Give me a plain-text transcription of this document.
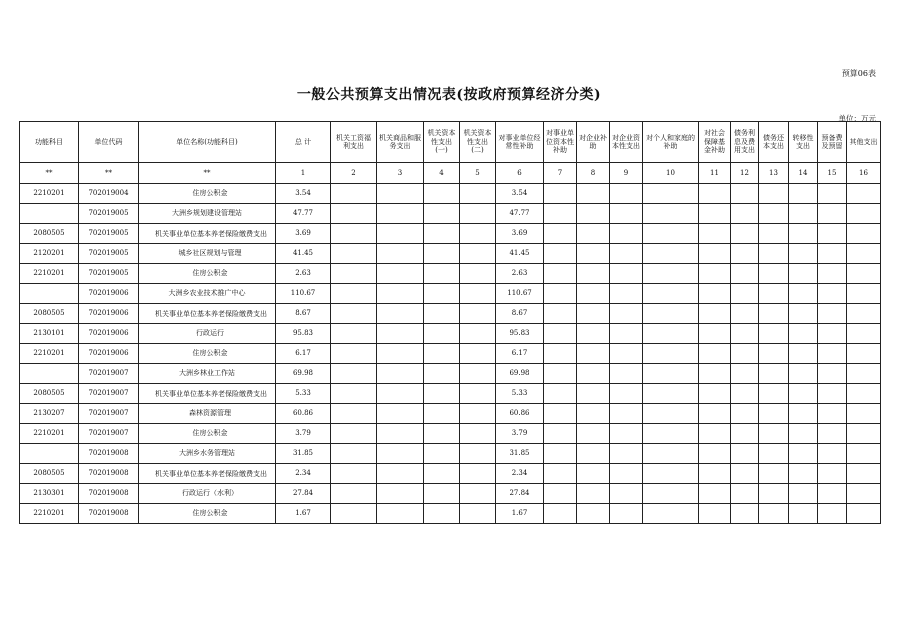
预算06表
一般公共预算支出情况表(按政府预算经济分类)
单位：万元
功能科目	单位代码	单位名称(功能科目)	总 计	机关工资福利支出	机关商品和服务支出	机关资本性支出(一)	机关资本性支出(二)	对事业单位经常性补助	对事业单位资本性补助	对企业补助	对企业资本性支出	对个人和家庭的补助	对社会保障基金补助	债务利息及费用支出	债务还本支出	转移性支出	预备费及预留	其他支出
**	**	**	1	2	3	4	5	6	7	8	9	10	11	12	13	14	15	16
2210201	702019004	住房公积金	3.54					3.54										
	702019005	大洲乡规划建设管理站	47.77					47.77										
2080505	702019005	机关事业单位基本养老保险缴费支出	3.69					3.69										
2120201	702019005	城乡社区规划与管理	41.45					41.45										
2210201	702019005	住房公积金	2.63					2.63										
	702019006	大洲乡农业技术推广中心	110.67					110.67										
2080505	702019006	机关事业单位基本养老保险缴费支出	8.67					8.67										
2130101	702019006	行政运行	95.83					95.83										
2210201	702019006	住房公积金	6.17					6.17										
	702019007	大洲乡林业工作站	69.98					69.98										
2080505	702019007	机关事业单位基本养老保险缴费支出	5.33					5.33										
2130207	702019007	森林资源管理	60.86					60.86										
2210201	702019007	住房公积金	3.79					3.79										
	702019008	大洲乡水务管理站	31.85					31.85										
2080505	702019008	机关事业单位基本养老保险缴费支出	2.34					2.34										
2130301	702019008	行政运行（水利）	27.84					27.84										
2210201	702019008	住房公积金	1.67					1.67										
